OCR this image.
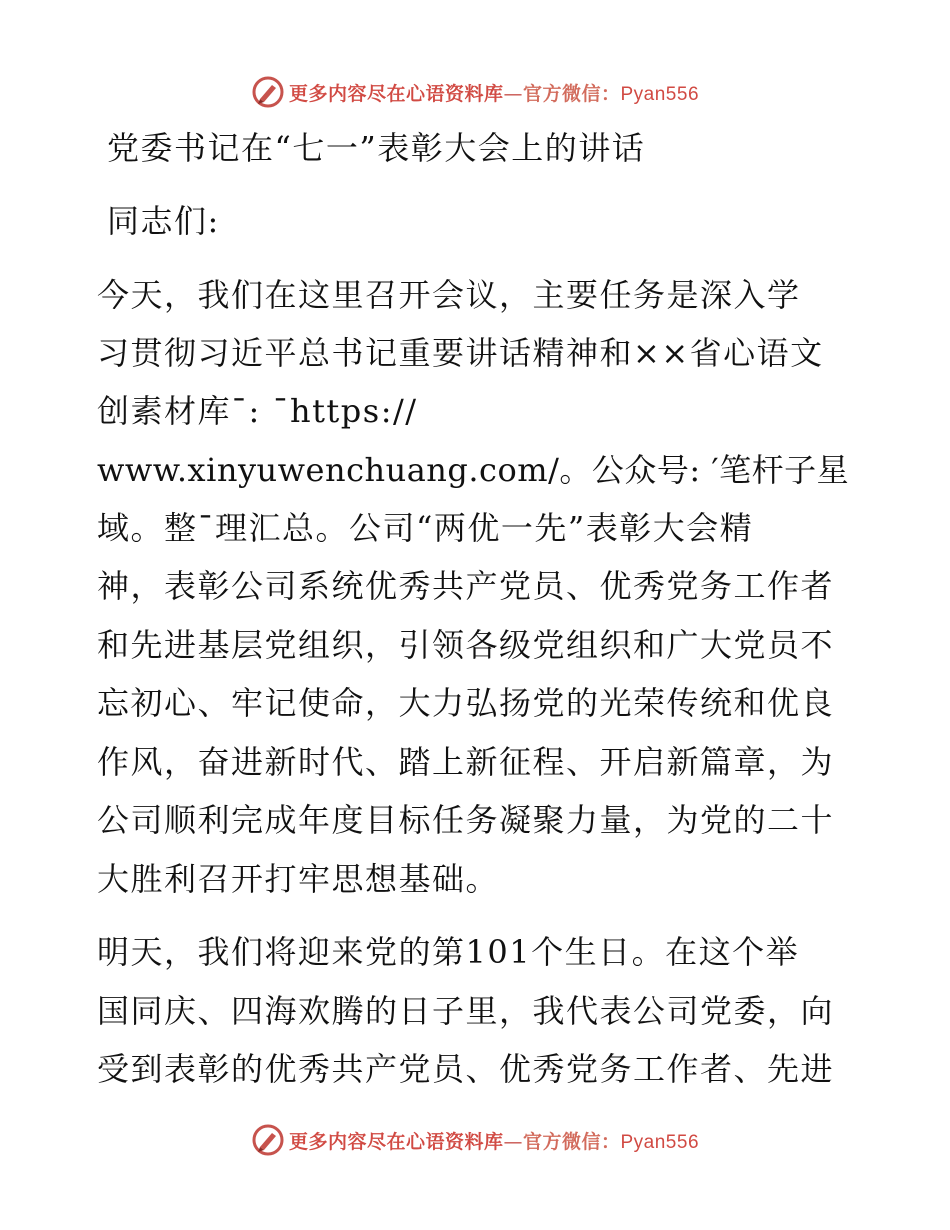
更多内容尽在心语资料库—官方微信：Pyan556
党委书记在“七一”表彰大会上的讲话
同志们:
今天，我们在这里召开会议，主要任务是深入学
习贯彻习近平总书记重要讲话精神和××省心语文
创素材库¯: ¯https://
www.xinyuwenchuang.com/。公众号: ′笔杆子星
域。整¯理汇总。公司“两优一先”表彰大会精
神，表彰公司系统优秀共产党员、优秀党务工作者
和先进基层党组织，引领各级党组织和广大党员不
忘初心、牢记使命，大力弘扬党的光荣传统和优良
作风，奋进新时代、踏上新征程、开启新篇章，为
公司顺利完成年度目标任务凝聚力量，为党的二十
大胜利召开打牢思想基础。
明天，我们将迎来党的第101个生日。在这个举
国同庆、四海欢腾的日子里，我代表公司党委，向
受到表彰的优秀共产党员、优秀党务工作者、先进
更多内容尽在心语资料库—官方微信：Pyan556
